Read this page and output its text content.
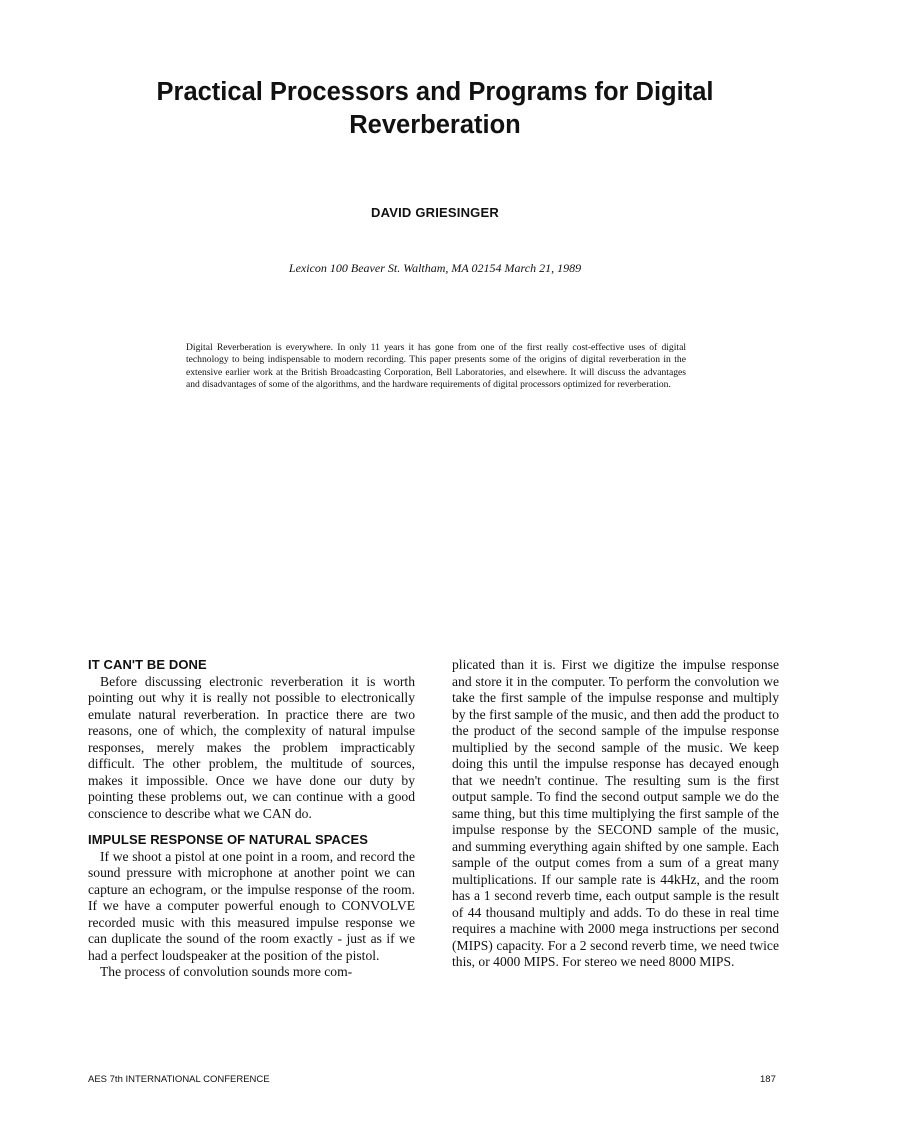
Practical Processors and Programs for Digital
Reverberation
DAVID GRIESINGER
Lexicon 100 Beaver St. Waltham, MA 02154 March 21, 1989
Digital Reverberation is everywhere. In only 11 years it has gone from one of the first really cost-effective uses of digital technology to being indispensable to modern recording. This paper presents some of the origins of digital reverberation in the extensive earlier work at the British Broadcasting Corporation, Bell Laboratories, and elsewhere. It will discuss the advantages and disadvantages of some of the algorithms, and the hardware requirements of digital processors optimized for reverberation.
IT CAN'T BE DONE

Before discussing electronic reverberation it is worth pointing out why it is really not possible to electronically emulate natural reverberation. In practice there are two reasons, one of which, the complexity of natural impulse responses, merely makes the problem impracticably difficult. The other problem, the multitude of sources, makes it impossible. Once we have done our duty by pointing these problems out, we can continue with a good conscience to describe what we CAN do.

IMPULSE RESPONSE OF NATURAL SPACES

If we shoot a pistol at one point in a room, and record the sound pressure with microphone at another point we can capture an echogram, or the impulse response of the room. If we have a computer powerful enough to CONVOLVE recorded music with this measured impulse response we can duplicate the sound of the room exactly - just as if we had a perfect loudspeaker at the position of the pistol.

The process of convolution sounds more com-

plicated than it is. First we digitize the impulse response and store it in the computer. To perform the convolution we take the first sample of the impulse response and multiply by the first sample of the music, and then add the product to the product of the second sample of the impulse response multiplied by the second sample of the music. We keep doing this until the impulse response has decayed enough that we needn't continue. The resulting sum is the first output sample. To find the second output sample we do the same thing, but this time multiplying the first sample of the impulse response by the SECOND sample of the music, and summing everything again shifted by one sample. Each sample of the output comes from a sum of a great many multiplications. If our sample rate is 44kHz, and the room has a 1 second reverb time, each output sample is the result of 44 thousand multiply and adds. To do these in real time requires a machine with 2000 mega instructions per second (MIPS) capacity. For a 2 second reverb time, we need twice this, or 4000 MIPS. For stereo we need 8000 MIPS.

AES 7th INTERNATIONAL CONFERENCE	187
